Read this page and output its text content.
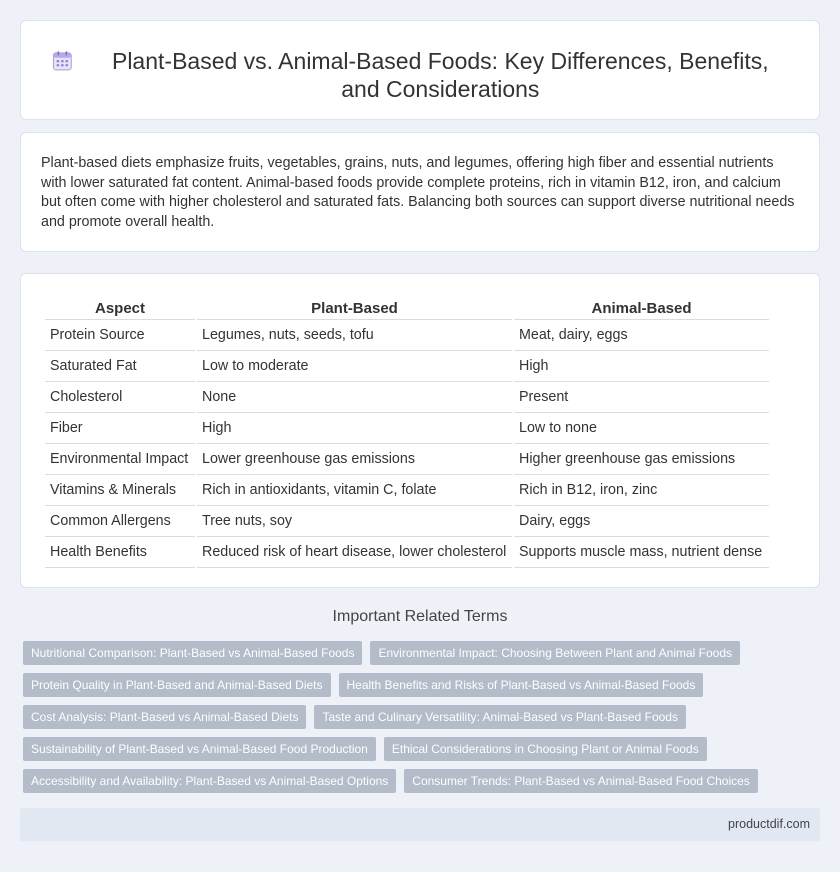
Plant-Based vs. Animal-Based Foods: Key Differences, Benefits, and Considerations

Plant-based diets emphasize fruits, vegetables, grains, nuts, and legumes, offering high fiber and essential nutrients with lower saturated fat content. Animal-based foods provide complete proteins, rich in vitamin B12, iron, and calcium but often come with higher cholesterol and saturated fats. Balancing both sources can support diverse nutritional needs and promote overall health.

Aspect	Plant-Based	Animal-Based
Protein Source	Legumes, nuts, seeds, tofu	Meat, dairy, eggs
Saturated Fat	Low to moderate	High
Cholesterol	None	Present
Fiber	High	Low to none
Environmental Impact	Lower greenhouse gas emissions	Higher greenhouse gas emissions
Vitamins & Minerals	Rich in antioxidants, vitamin C, folate	Rich in B12, iron, zinc
Common Allergens	Tree nuts, soy	Dairy, eggs
Health Benefits	Reduced risk of heart disease, lower cholesterol	Supports muscle mass, nutrient dense
Important Related Terms
Nutritional Comparison: Plant-Based vs Animal-Based Foods	Environmental Impact: Choosing Between Plant and Animal Foods
Protein Quality in Plant-Based and Animal-Based Diets	Health Benefits and Risks of Plant-Based vs Animal-Based Foods
Cost Analysis: Plant-Based vs Animal-Based Diets	Taste and Culinary Versatility: Animal-Based vs Plant-Based Foods
Sustainability of Plant-Based vs Animal-Based Food Production	Ethical Considerations in Choosing Plant or Animal Foods
Accessibility and Availability: Plant-Based vs Animal-Based Options	Consumer Trends: Plant-Based vs Animal-Based Food Choices
productdif.com
